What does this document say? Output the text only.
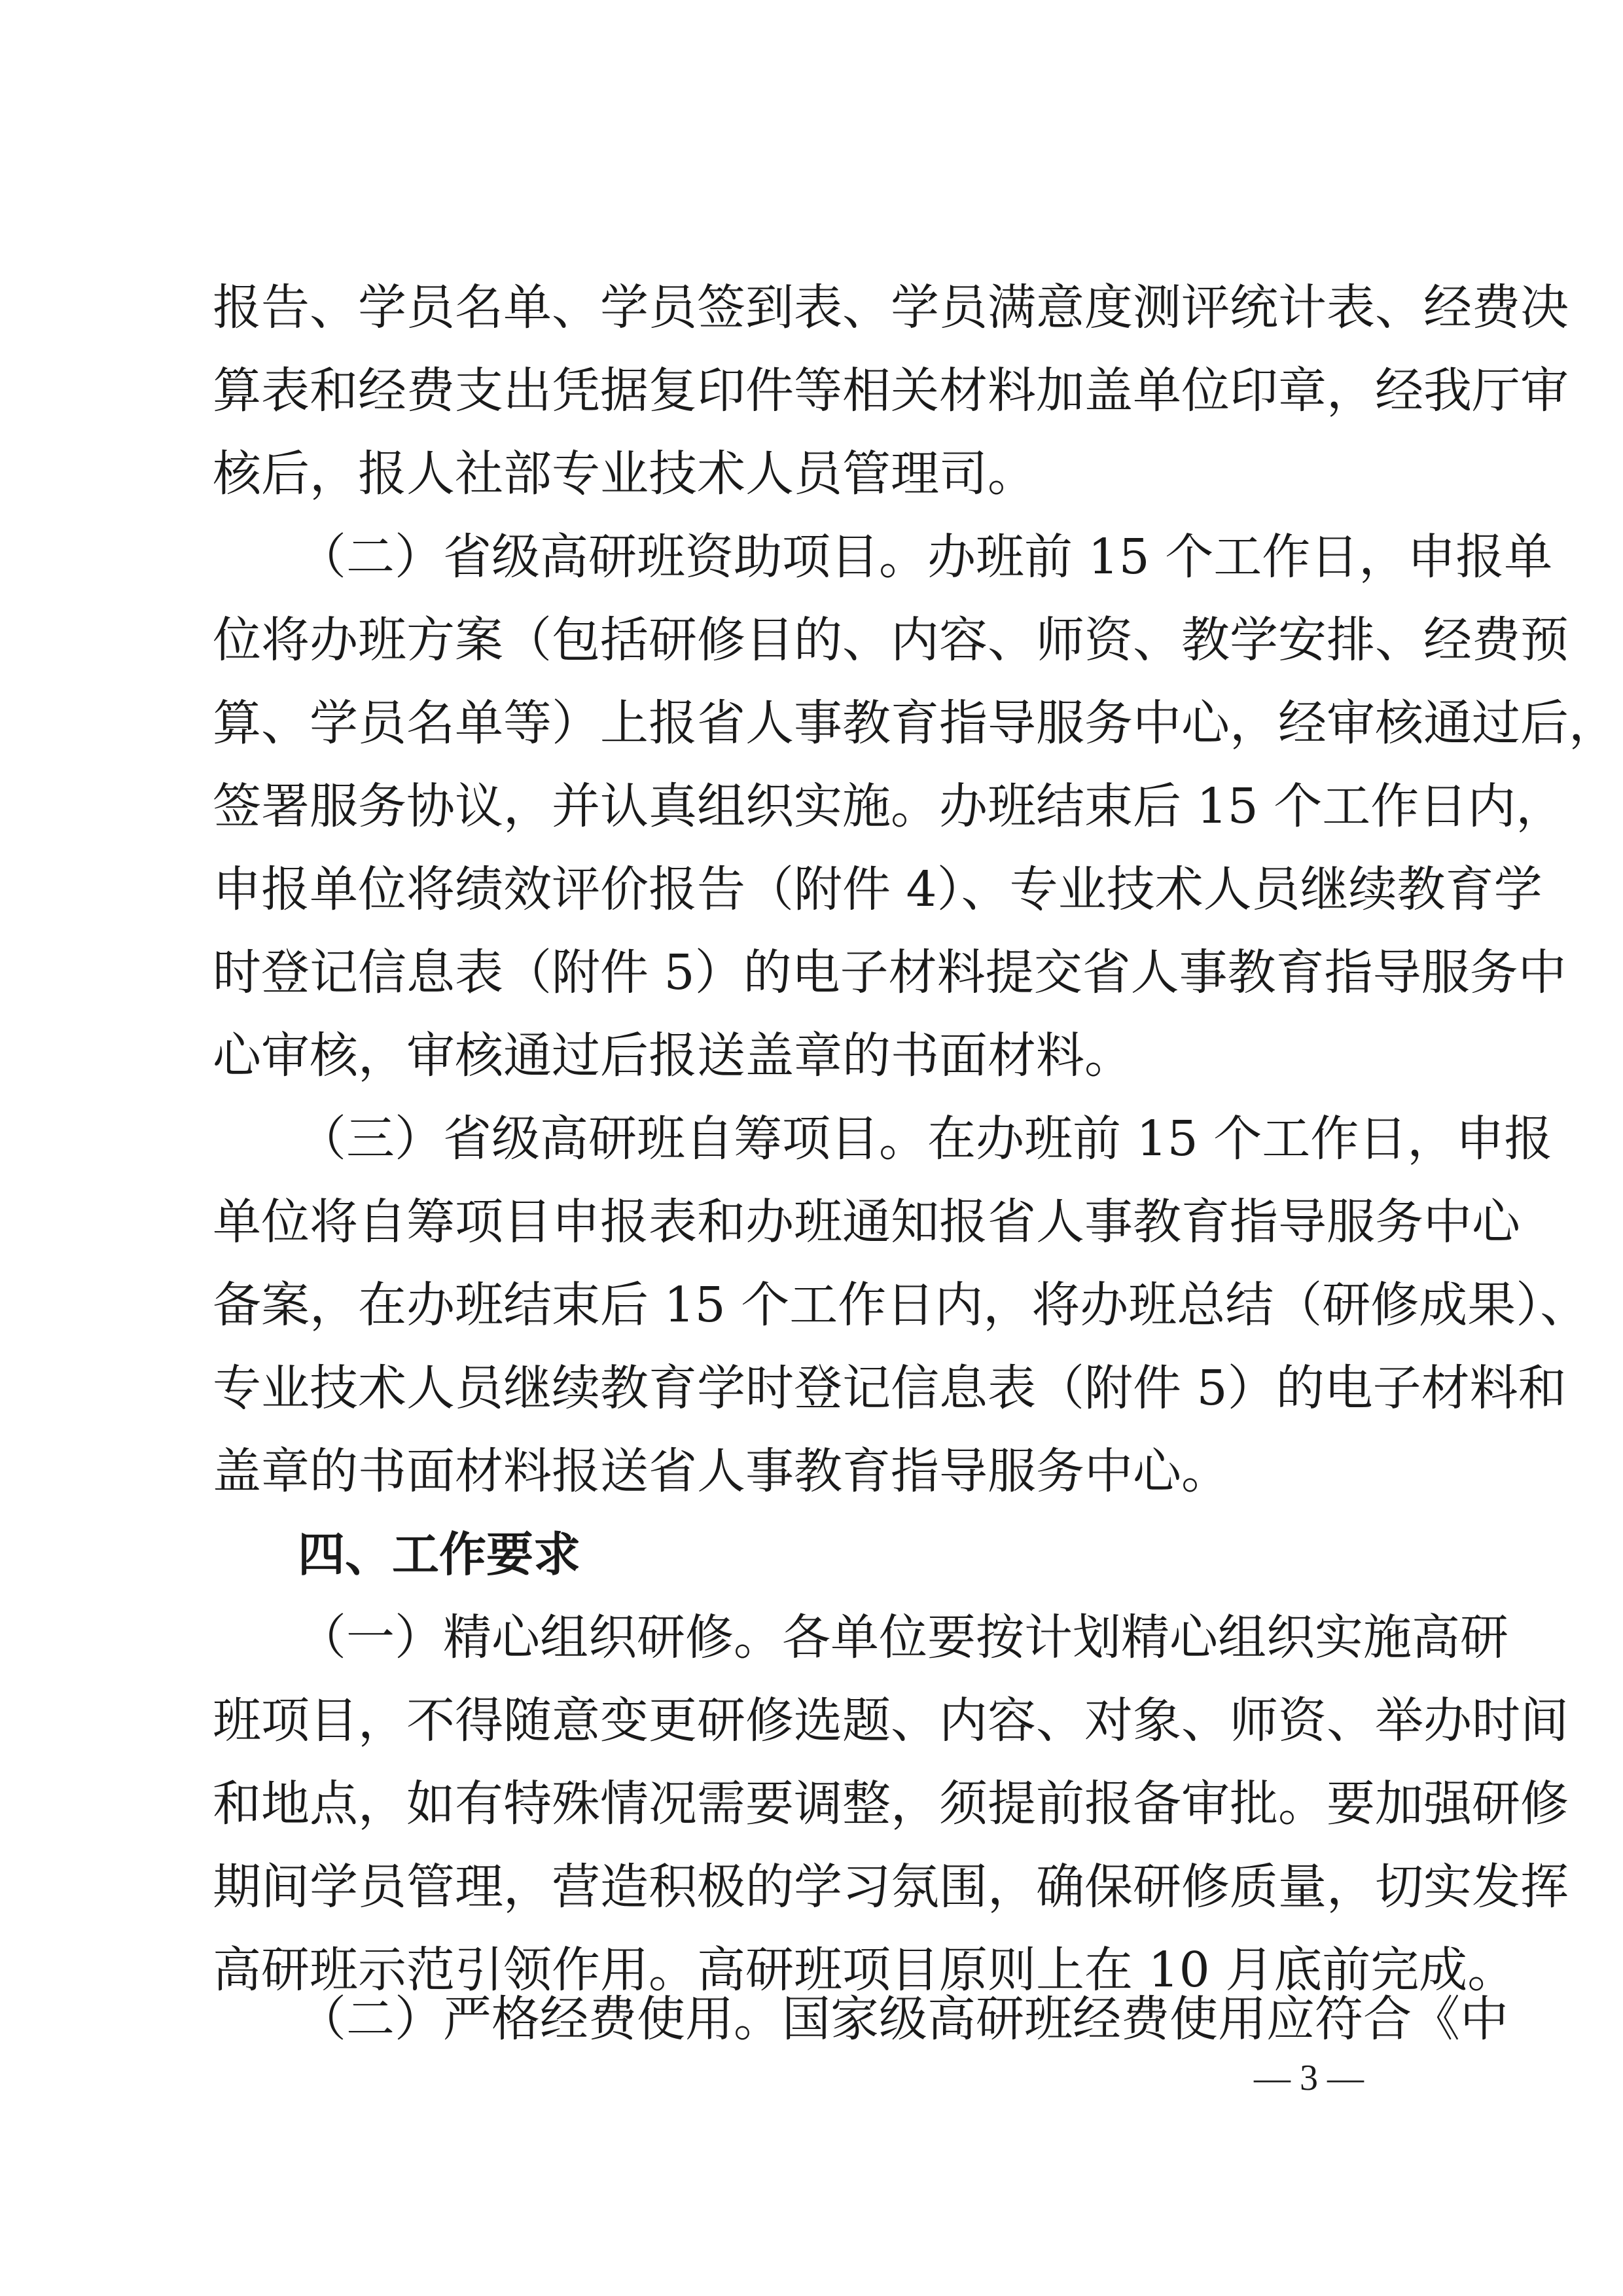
报告、学员名单、学员签到表、学员满意度测评统计表、经费决
算表和经费支出凭据复印件等相关材料加盖单位印章，经我厅审
核后，报人社部专业技术人员管理司。
（二）省级高研班资助项目。办班前 15 个工作日，申报单
位将办班方案（包括研修目的、内容、师资、教学安排、经费预
算、学员名单等）上报省人事教育指导服务中心，经审核通过后，
签署服务协议，并认真组织实施。办班结束后 15 个工作日内，
申报单位将绩效评价报告（附件 4）、专业技术人员继续教育学
时登记信息表（附件 5）的电子材料提交省人事教育指导服务中
心审核，审核通过后报送盖章的书面材料。
（三）省级高研班自筹项目。在办班前 15 个工作日，申报
单位将自筹项目申报表和办班通知报省人事教育指导服务中心
备案，在办班结束后 15 个工作日内，将办班总结（研修成果）、
专业技术人员继续教育学时登记信息表（附件 5）的电子材料和
盖章的书面材料报送省人事教育指导服务中心。
四、工作要求
（一）精心组织研修。各单位要按计划精心组织实施高研
班项目，不得随意变更研修选题、内容、对象、师资、举办时间
和地点，如有特殊情况需要调整，须提前报备审批。要加强研修
期间学员管理，营造积极的学习氛围，确保研修质量，切实发挥
高研班示范引领作用。高研班项目原则上在 10 月底前完成。
（二）严格经费使用。国家级高研班经费使用应符合《中
— 3 —
